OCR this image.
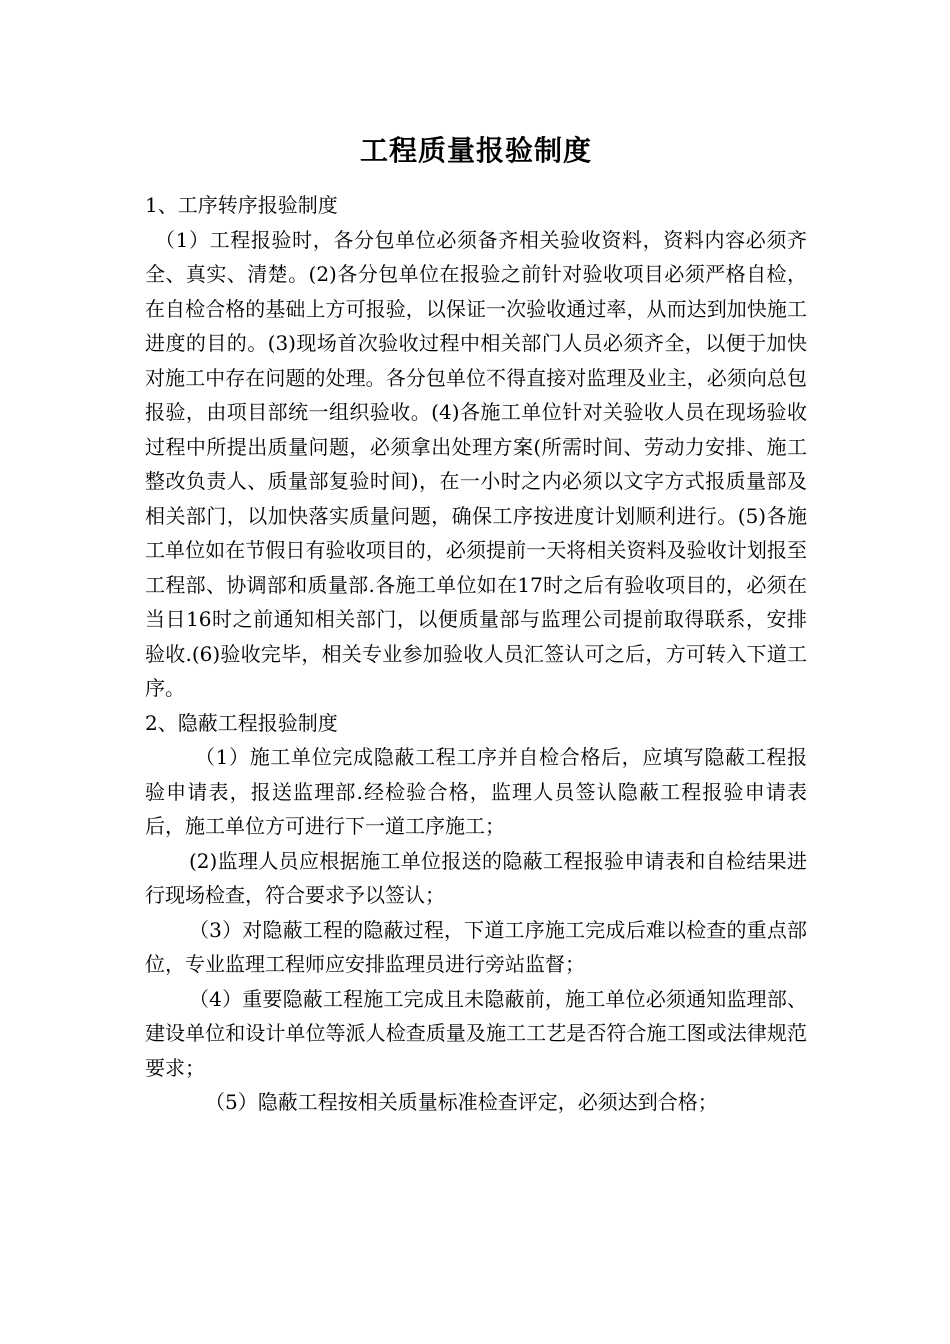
工程质量报验制度

1、工序转序报验制度

（1）工程报验时，各分包单位必须备齐相关验收资料，资料内容必须齐全、真实、清楚。(2)各分包单位在报验之前针对验收项目必须严格自检，在自检合格的基础上方可报验，以保证一次验收通过率，从而达到加快施工进度的目的。(3)现场首次验收过程中相关部门人员必须齐全，以便于加快对施工中存在问题的处理。各分包单位不得直接对监理及业主，必须向总包报验，由项目部统一组织验收。(4)各施工单位针对关验收人员在现场验收过程中所提出质量问题，必须拿出处理方案(所需时间、劳动力安排、施工整改负责人、质量部复验时间)，在一小时之内必须以文字方式报质量部及相关部门，以加快落实质量问题，确保工序按进度计划顺利进行。(5)各施工单位如在节假日有验收项目的，必须提前一天将相关资料及验收计划报至工程部、协调部和质量部.各施工单位如在17时之后有验收项目的，必须在当日16时之前通知相关部门，以便质量部与监理公司提前取得联系，安排验收.(6)验收完毕，相关专业参加验收人员汇签认可之后，方可转入下道工序。

2、隐蔽工程报验制度

（1）施工单位完成隐蔽工程工序并自检合格后，应填写隐蔽工程报验申请表，报送监理部.经检验合格，监理人员签认隐蔽工程报验申请表后，施工单位方可进行下一道工序施工；

(2)监理人员应根据施工单位报送的隐蔽工程报验申请表和自检结果进行现场检查，符合要求予以签认；

（3）对隐蔽工程的隐蔽过程，下道工序施工完成后难以检查的重点部位，专业监理工程师应安排监理员进行旁站监督；

（4）重要隐蔽工程施工完成且未隐蔽前，施工单位必须通知监理部、建设单位和设计单位等派人检查质量及施工工艺是否符合施工图或法律规范要求；

（5）隐蔽工程按相关质量标准检查评定，必须达到合格；
